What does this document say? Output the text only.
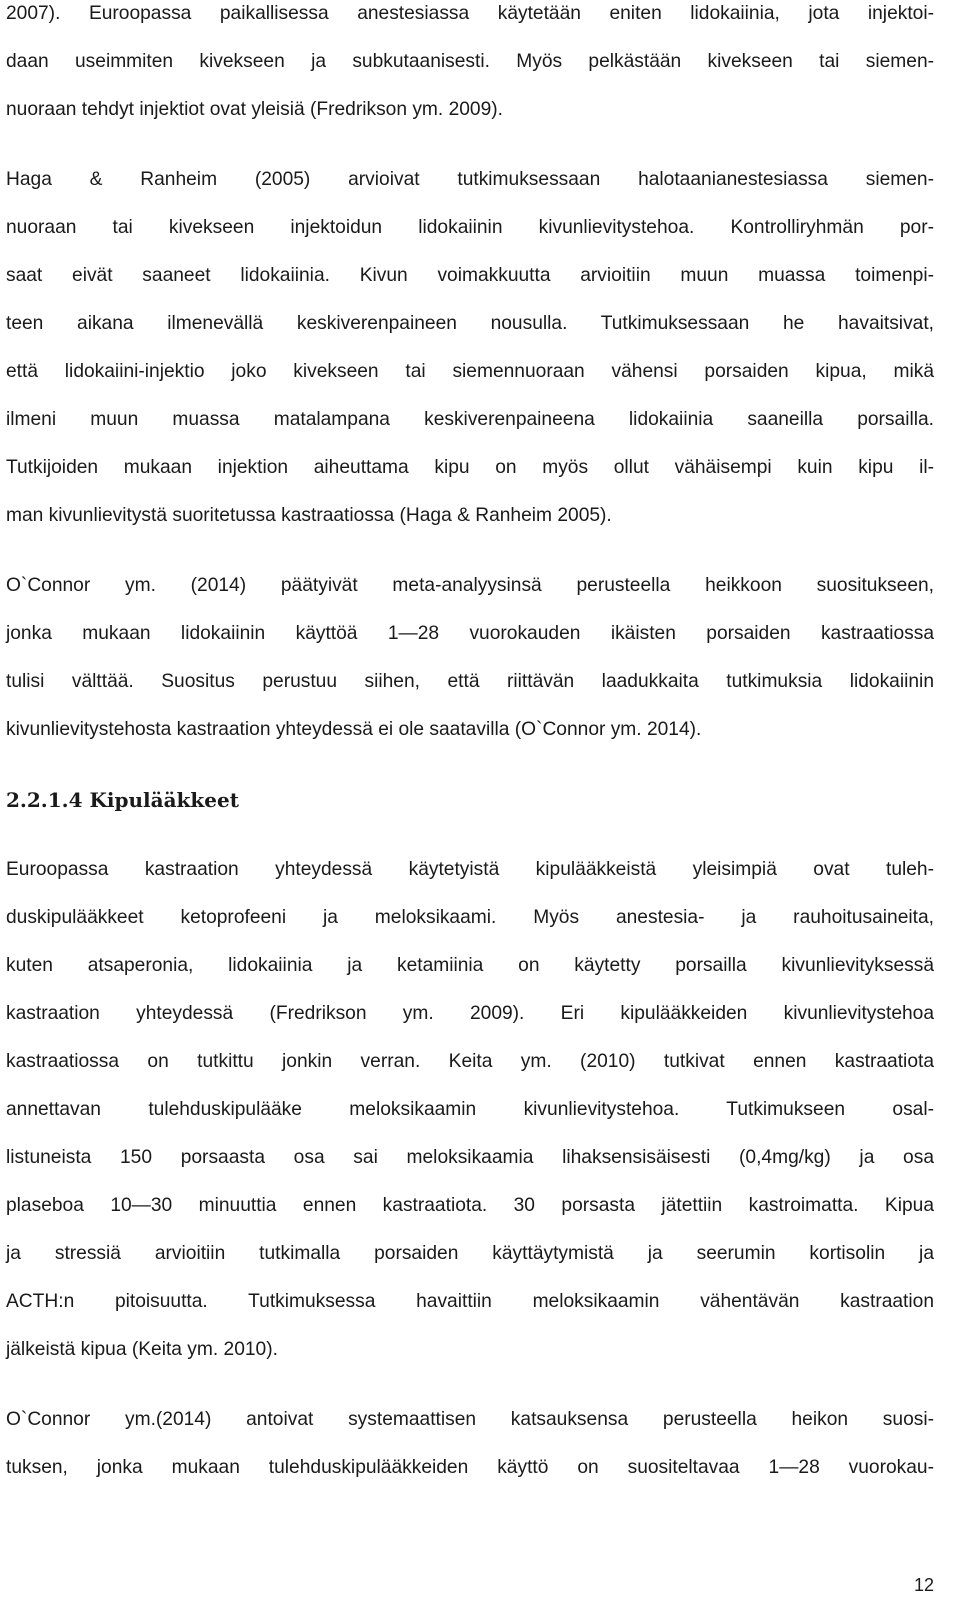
2007). Euroopassa paikallisessa anestesiassa käytetään eniten lidokaiinia, jota injektoi-
daan useimmiten kivekseen ja subkutaanisesti. Myös pelkästään kivekseen tai siemen-
nuoraan tehdyt injektiot ovat yleisiä (Fredrikson ym. 2009).
Haga & Ranheim (2005) arvioivat tutkimuksessaan halotaanianestesiassa siemen-
nuoraan tai kivekseen injektoidun lidokaiinin kivunlievitystehoa. Kontrolliryhmän por-
saat eivät saaneet lidokaiinia. Kivun voimakkuutta arvioitiin muun muassa toimenpi-
teen aikana ilmenevällä keskiverenpaineen nousulla. Tutkimuksessaan he havaitsivat,
että lidokaiini-injektio joko kivekseen tai siemennuoraan vähensi porsaiden kipua, mikä
ilmeni muun muassa matalampana keskiverenpaineena lidokaiinia saaneilla porsailla.
Tutkijoiden mukaan injektion aiheuttama kipu on myös ollut vähäisempi kuin kipu il-
man kivunlievitystä suoritetussa kastraatiossa (Haga & Ranheim 2005).
O`Connor ym. (2014) päätyivät meta-analyysinsä perusteella heikkoon suositukseen,
jonka mukaan lidokaiinin käyttöä 1—28 vuorokauden ikäisten porsaiden kastraatiossa
tulisi välttää. Suositus perustuu siihen, että riittävän laadukkaita tutkimuksia lidokaiinin
kivunlievitystehosta kastraation yhteydessä ei ole saatavilla (O`Connor ym. 2014).
2.2.1.4 Kipulääkkeet
Euroopassa kastraation yhteydessä käytetyistä kipulääkkeistä yleisimpiä ovat tuleh-
duskipulääkkeet ketoprofeeni ja meloksikaami. Myös anestesia- ja rauhoitusaineita,
kuten atsaperonia, lidokaiinia ja ketamiinia on käytetty porsailla kivunlievityksessä
kastraation yhteydessä (Fredrikson ym. 2009). Eri kipulääkkeiden kivunlievitystehoa
kastraatiossa on tutkittu jonkin verran. Keita ym. (2010) tutkivat ennen kastraatiota
annettavan tulehduskipulääke meloksikaamin kivunlievitystehoa. Tutkimukseen osal-
listuneista 150 porsaasta osa sai meloksikaamia lihaksensisäisesti (0,4mg/kg) ja osa
plaseboa 10—30 minuuttia ennen kastraatiota. 30 porsasta jätettiin kastroimatta. Kipua
ja stressiä arvioitiin tutkimalla porsaiden käyttäytymistä ja seerumin kortisolin ja
ACTH:n pitoisuutta. Tutkimuksessa havaittiin meloksikaamin vähentävän kastraation
jälkeistä kipua (Keita ym. 2010).
O`Connor ym.(2014) antoivat systemaattisen katsauksensa perusteella heikon suosi-
tuksen, jonka mukaan tulehduskipulääkkeiden käyttö on suositeltavaa 1—28 vuorokau-
12
